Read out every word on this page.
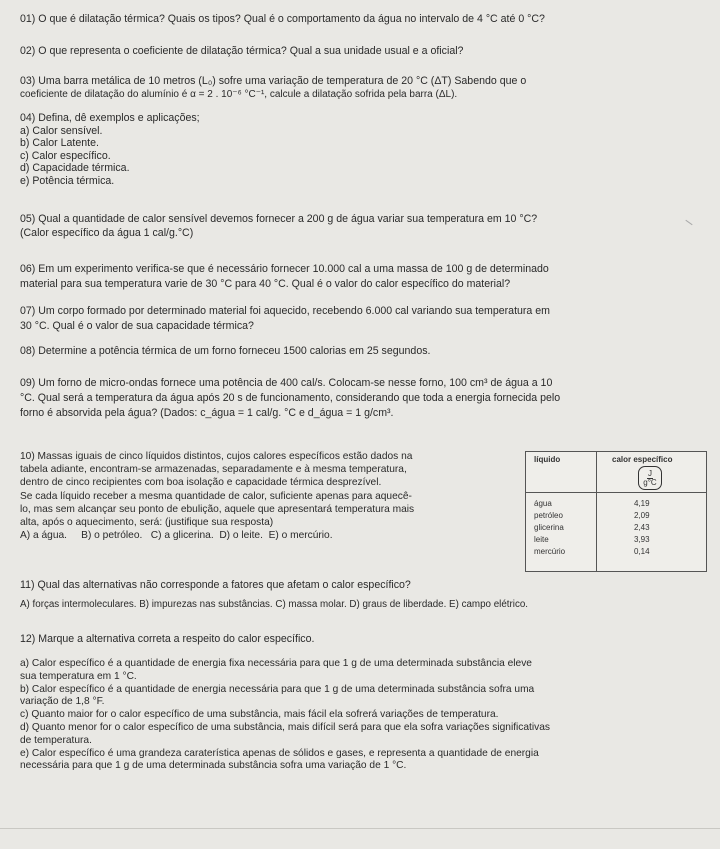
01) O que é dilatação térmica? Quais os tipos? Qual é o comportamento da água no intervalo de 4 °C até 0 °C?

02) O que representa o coeficiente de dilatação térmica? Qual a sua unidade usual e a oficial?

03) Uma barra metálica de 10 metros (L₀) sofre uma variação de temperatura de 20 °C (ΔT) Sabendo que o

coeficiente de dilatação do alumínio é α = 2 . 10⁻⁶ °C⁻¹, calcule a dilatação sofrida pela barra (ΔL).

04) Defina, dê exemplos e aplicações;

a) Calor sensível.

b) Calor Latente.

c) Calor específico.

d) Capacidade térmica.

e) Potência térmica.

05) Qual a quantidade de calor sensível devemos fornecer a 200 g de água variar sua temperatura em 10 °C?

(Calor específico da água 1 cal/g.°C)

06) Em um experimento verifica-se que é necessário fornecer 10.000 cal a uma massa de 100 g de determinado

material para sua temperatura varie de 30 °C para 40 °C. Qual é o valor do calor específico do material?

07) Um corpo formado por determinado material foi aquecido, recebendo 6.000 cal variando sua temperatura em

30 °C. Qual é o valor de sua capacidade térmica?

08) Determine a potência térmica de um forno forneceu 1500 calorias em 25 segundos.

09) Um forno de micro-ondas fornece uma potência de 400 cal/s. Colocam-se nesse forno, 100 cm³ de água a 10

°C. Qual será a temperatura da água após 20 s de funcionamento, considerando que toda a energia fornecida pelo

forno é absorvida pela água? (Dados: c_água = 1 cal/g. °C e d_água = 1 g/cm³.

10) Massas iguais de cinco líquidos distintos, cujos calores específicos estão dados na

tabela adiante, encontram-se armazenadas, separadamente e à mesma temperatura,

dentro de cinco recipientes com boa isolação e capacidade térmica desprezível.

Se cada líquido receber a mesma quantidade de calor, suficiente apenas para aquecê-

lo, mas sem alcançar seu ponto de ebulição, aquele que apresentará temperatura mais

alta, após o aquecimento, será: (justifique sua resposta)

A) a água.     B) o petróleo.   C) a glicerina.  D) o leite.  E) o mercúrio.

líquido	calor específico
$\frac{J}{g^\circ C}$
água	4,19
petróleo	2,09
glicerina	2,43
leite	3,93
mercúrio	0,14

11) Qual das alternativas não corresponde a fatores que afetam o calor específico?

A) forças intermoleculares. B) impurezas nas substâncias. C) massa molar. D) graus de liberdade. E) campo elétrico.

12) Marque a alternativa correta a respeito do calor específico.

a) Calor específico é a quantidade de energia fixa necessária para que 1 g de uma determinada substância eleve

sua temperatura em 1 °C.

b) Calor específico é a quantidade de energia necessária para que 1 g de uma determinada substância sofra uma

variação de 1,8 °F.

c) Quanto maior for o calor específico de uma substância, mais fácil ela sofrerá variações de temperatura.

d) Quanto menor for o calor específico de uma substância, mais difícil será para que ela sofra variações significativas

de temperatura.

e) Calor específico é uma grandeza caraterística apenas de sólidos e gases, e representa a quantidade de energia

necessária para que 1 g de uma determinada substância sofra uma variação de 1 °C.
